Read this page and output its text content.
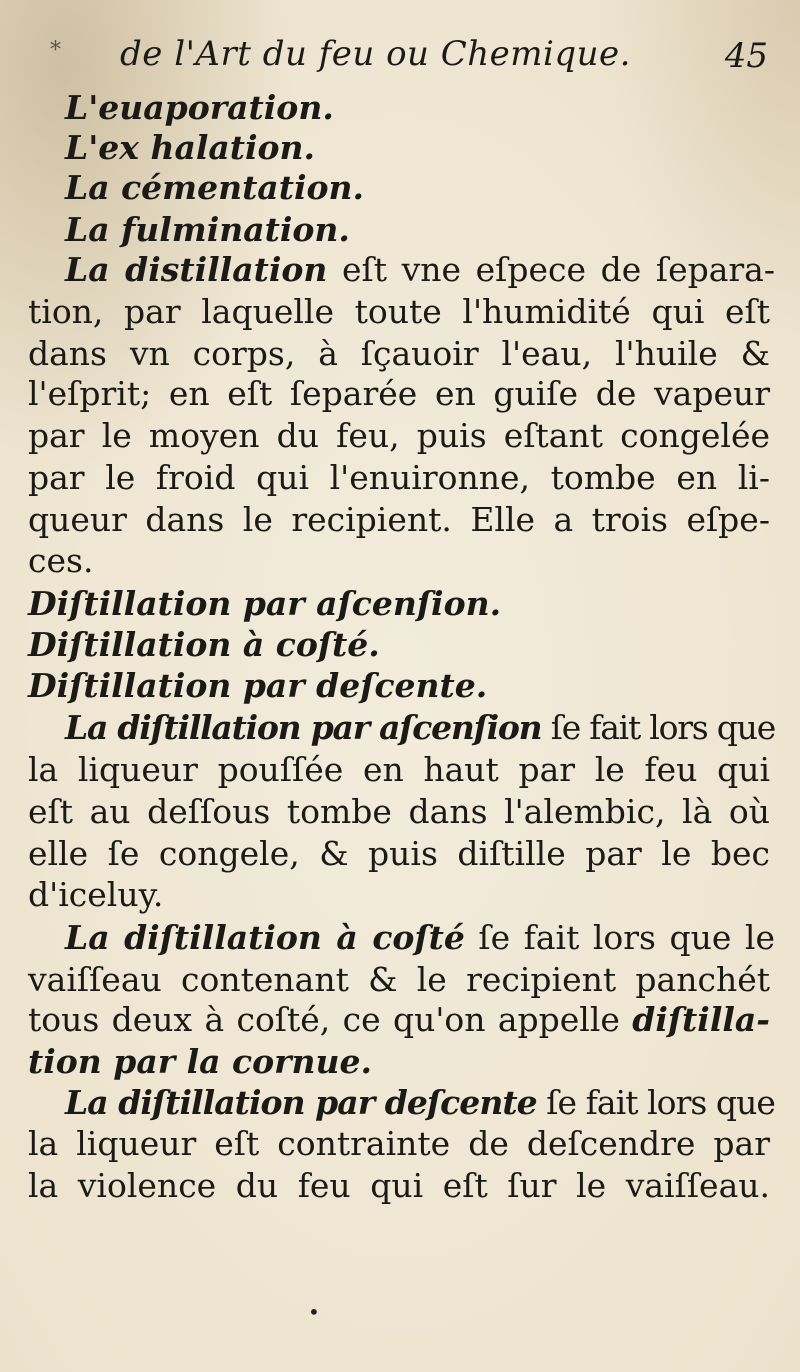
* de l'Art du feu ou Chemique.	45
L'euaporation.
L'ex halation.
La cémentation.
La fulmination.
La distillation eſt vne eſpece de ſepara-
tion, par laquelle toute l'humidité qui eſt
dans vn corps, à ſçauoir l'eau, l'huile &
l'eſprit; en eſt ſeparée en guiſe de vapeur
par le moyen du feu, puis eſtant congelée
par le froid qui l'enuironne, tombe en li-
queur dans le recipient. Elle a trois eſpe-
ces.
Diſtillation par aſcenſion.
Diſtillation à coſté.
Diſtillation par deſcente.
La diſtillation par aſcenſion ſe fait lors que
la liqueur pouſſée en haut par le feu qui
eſt au deſſous tombe dans l'alembic, là où
elle ſe congele, & puis diſtille par le bec
d'iceluy.
La diſtillation à coſté ſe fait lors que le
vaiſſeau contenant & le recipient panchét
tous deux à coſté, ce qu'on appelle diſtilla-
tion par la cornue.
La diſtillation par deſcente ſe fait lors que
la liqueur eſt contrainte de deſcendre par
la violence du feu qui eſt ſur le vaiſſeau.
•
